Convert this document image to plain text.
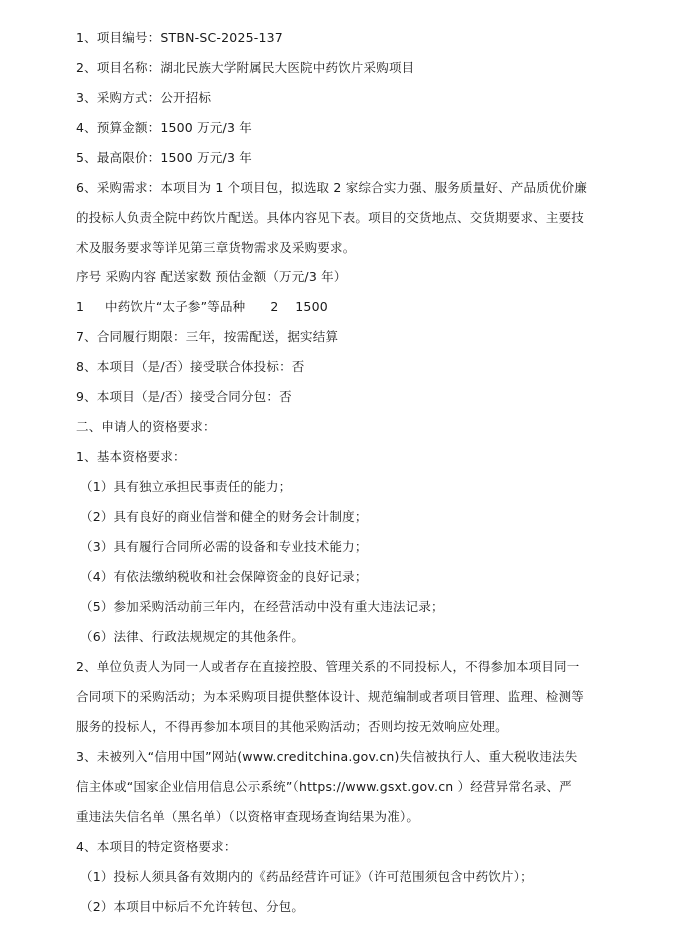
1、项目编号：STBN-SC-2025-137
2、项目名称：湖北民族大学附属民大医院中药饮片采购项目
3、采购方式：公开招标
4、预算金额：1500 万元/3 年
5、最高限价：1500 万元/3 年
6、采购需求：本项目为 1 个项目包，拟选取 2 家综合实力强、服务质量好、产品质优价廉
的投标人负责全院中药饮片配送。具体内容见下表。项目的交货地点、交货期要求、主要技
术及服务要求等详见第三章货物需求及采购要求。
序号 采购内容 配送家数 预估金额（万元/3 年）
1     中药饮片“太子参”等品种      2    1500
7、合同履行期限：三年，按需配送，据实结算
8、本项目（是/否）接受联合体投标：否
9、本项目（是/否）接受合同分包：否
二、申请人的资格要求：
1、基本资格要求：
（1）具有独立承担民事责任的能力；
（2）具有良好的商业信誉和健全的财务会计制度；
（3）具有履行合同所必需的设备和专业技术能力；
（4）有依法缴纳税收和社会保障资金的良好记录；
（5）参加采购活动前三年内，在经营活动中没有重大违法记录；
（6）法律、行政法规规定的其他条件。
2、单位负责人为同一人或者存在直接控股、管理关系的不同投标人，不得参加本项目同一
合同项下的采购活动；为本采购项目提供整体设计、规范编制或者项目管理、监理、检测等
服务的投标人，不得再参加本项目的其他采购活动；否则均按无效响应处理。
3、未被列入“信用中国”网站(www.creditchina.gov.cn)失信被执行人、重大税收违法失
信主体或“国家企业信用信息公示系统”（https://www.gsxt.gov.cn ）经营异常名录、严
重违法失信名单（黑名单）（以资格审查现场查询结果为准）。
4、本项目的特定资格要求：
（1）投标人须具备有效期内的《药品经营许可证》（许可范围须包含中药饮片）；
（2）本项目中标后不允许转包、分包。
